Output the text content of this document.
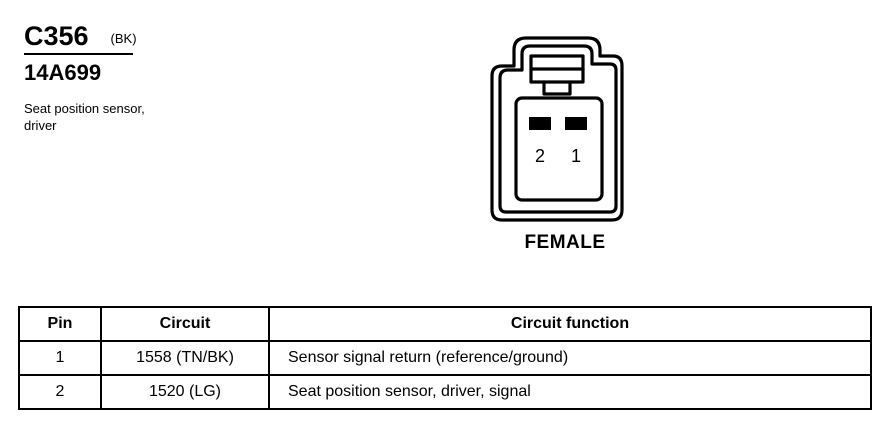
C356 (BK)
14A699
Seat position sensor, driver
2 1
FEMALE
Pin	Circuit	Circuit function
1	1558 (TN/BK)	Sensor signal return (reference/ground)
2	1520 (LG)	Seat position sensor, driver, signal
